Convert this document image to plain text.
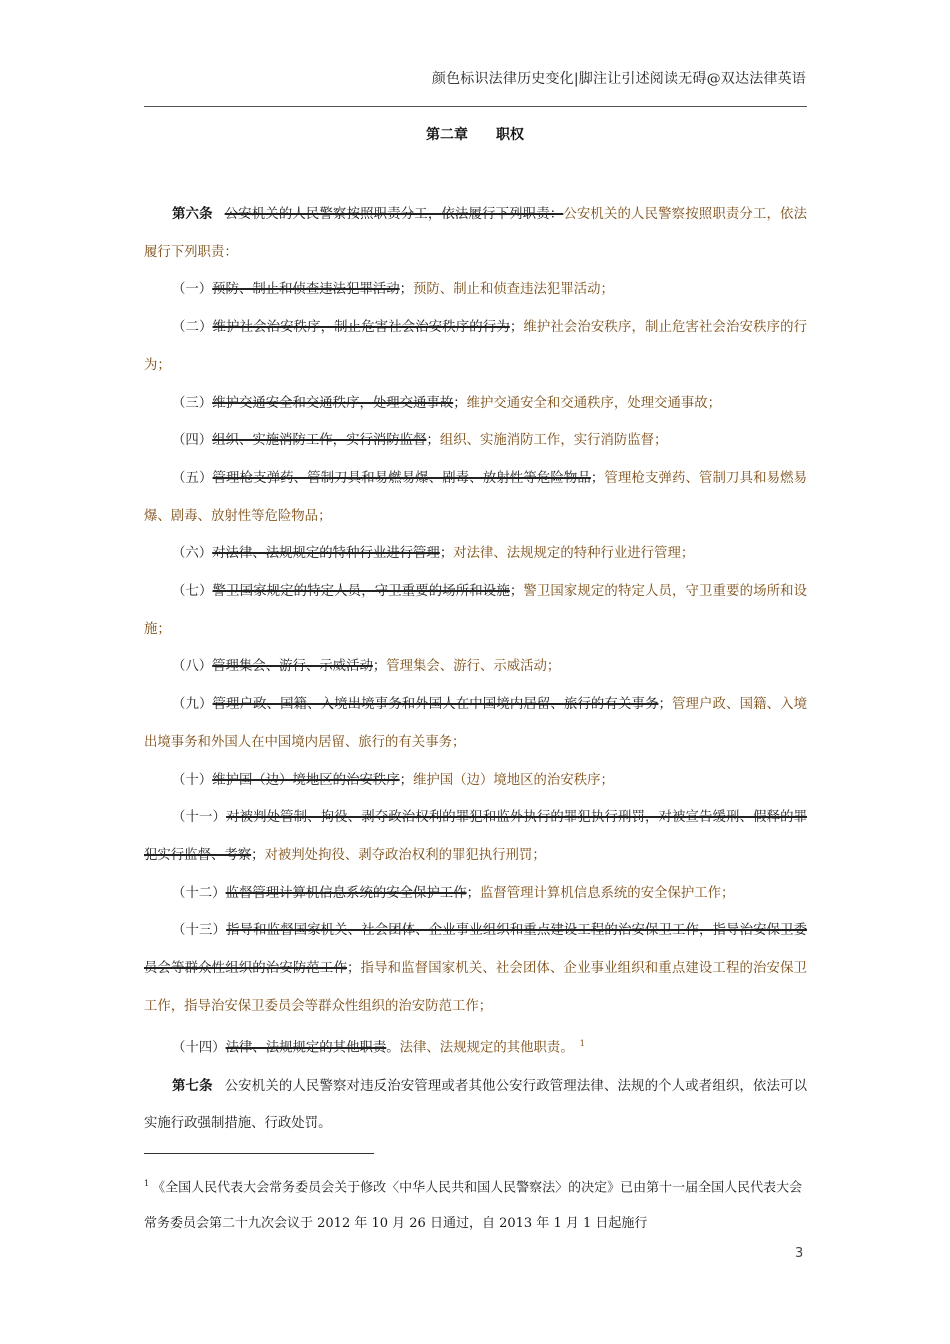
颜色标识法律历史变化|脚注让引述阅读无碍@双达法律英语
第二章 职权

第六条 公安机关的人民警察按照职责分工，依法履行下列职责：公安机关的人民警察按照职责分工，依法履行下列职责：

（一）预防、制止和侦查违法犯罪活动；预防、制止和侦查违法犯罪活动；

（二）维护社会治安秩序，制止危害社会治安秩序的行为；维护社会治安秩序，制止危害社会治安秩序的行为；

（三）维护交通安全和交通秩序，处理交通事故；维护交通安全和交通秩序，处理交通事故；

（四）组织、实施消防工作，实行消防监督；组织、实施消防工作，实行消防监督；

（五）管理枪支弹药、管制刀具和易燃易爆、剧毒、放射性等危险物品；管理枪支弹药、管制刀具和易燃易爆、剧毒、放射性等危险物品；

（六）对法律、法规规定的特种行业进行管理；对法律、法规规定的特种行业进行管理；

（七）警卫国家规定的特定人员，守卫重要的场所和设施；警卫国家规定的特定人员，守卫重要的场所和设施；

（八）管理集会、游行、示威活动；管理集会、游行、示威活动；

（九）管理户政、国籍、入境出境事务和外国人在中国境内居留、旅行的有关事务；管理户政、国籍、入境出境事务和外国人在中国境内居留、旅行的有关事务；

（十）维护国（边）境地区的治安秩序；维护国（边）境地区的治安秩序；

（十一）对被判处管制、拘役、剥夺政治权利的罪犯和监外执行的罪犯执行刑罚，对被宣告缓刑、假释的罪犯实行监督、考察；对被判处拘役、剥夺政治权利的罪犯执行刑罚；

（十二）监督管理计算机信息系统的安全保护工作；监督管理计算机信息系统的安全保护工作；

（十三）指导和监督国家机关、社会团体、企业事业组织和重点建设工程的治安保卫工作，指导治安保卫委员会等群众性组织的治安防范工作；指导和监督国家机关、社会团体、企业事业组织和重点建设工程的治安保卫工作，指导治安保卫委员会等群众性组织的治安防范工作；

（十四）法律、法规规定的其他职责。法律、法规规定的其他职责。 $^1$

第七条 公安机关的人民警察对违反治安管理或者其他公安行政管理法律、法规的个人或者组织，依法可以实施行政强制措施、行政处罚。

$^1$ 《全国人民代表大会常务委员会关于修改〈中华人民共和国人民警察法〉的决定》已由第十一届全国人民代表大会常务委员会第二十九次会议于 2012 年 10 月 26 日通过，自 2013 年 1 月 1 日起施行
3
